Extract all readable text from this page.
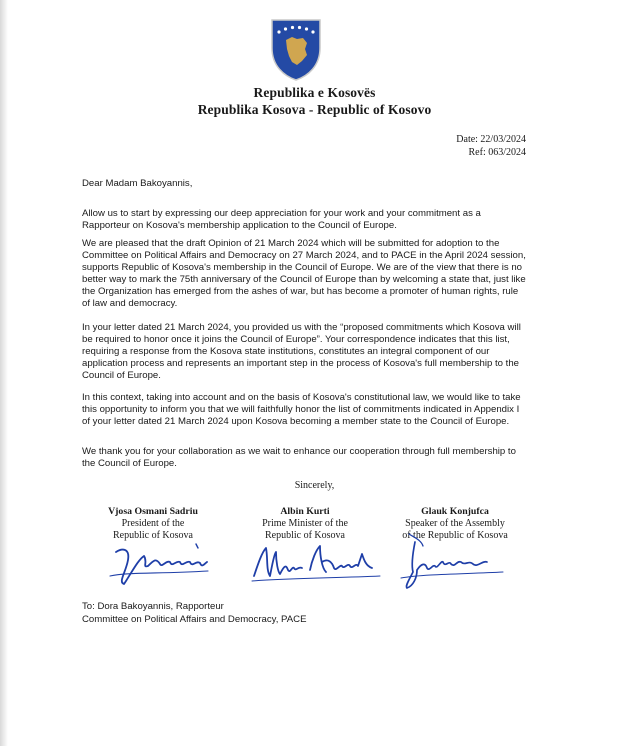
Republika e Kosovës
Republika Kosova - Republic of Kosovo
Date: 22/03/2024
Ref: 063/2024
Dear Madam Bakoyannis,
Allow us to start by expressing our deep appreciation for your work and your commitment as a Rapporteur on Kosova's membership application to the Council of Europe.
We are pleased that the draft Opinion of 21 March 2024 which will be submitted for adoption to the Committee on Political Affairs and Democracy on 27 March 2024, and to PACE in the April 2024 session, supports Republic of Kosova's membership in the Council of Europe. We are of the view that there is no better way to mark the 75th anniversary of the Council of Europe than by welcoming a state that, just like the Organization has emerged from the ashes of war, but has become a promoter of human rights, rule of law and democracy.
In your letter dated 21 March 2024, you provided us with the “proposed commitments which Kosova will be required to honor once it joins the Council of Europe”. Your correspondence indicates that this list, requiring a response from the Kosova state institutions, constitutes an integral component of our application process and represents an important step in the process of Kosova's full membership to the Council of Europe.
In this context, taking into account and on the basis of Kosova's constitutional law, we would like to take this opportunity to inform you that we will faithfully honor the list of commitments indicated in Appendix I of your letter dated 21 March 2024 upon Kosova becoming a member state to the Council of Europe.
We thank you for your collaboration as we wait to enhance our cooperation through full membership to the Council of Europe.
Sincerely,
Vjosa Osmani Sadriu
President of the
Republic of Kosova
Albin Kurti
Prime Minister of the
Republic of Kosova
Glauk Konjufca
Speaker of the Assembly
of the Republic of Kosova
To: Dora Bakoyannis, Rapporteur
Committee on Political Affairs and Democracy, PACE
